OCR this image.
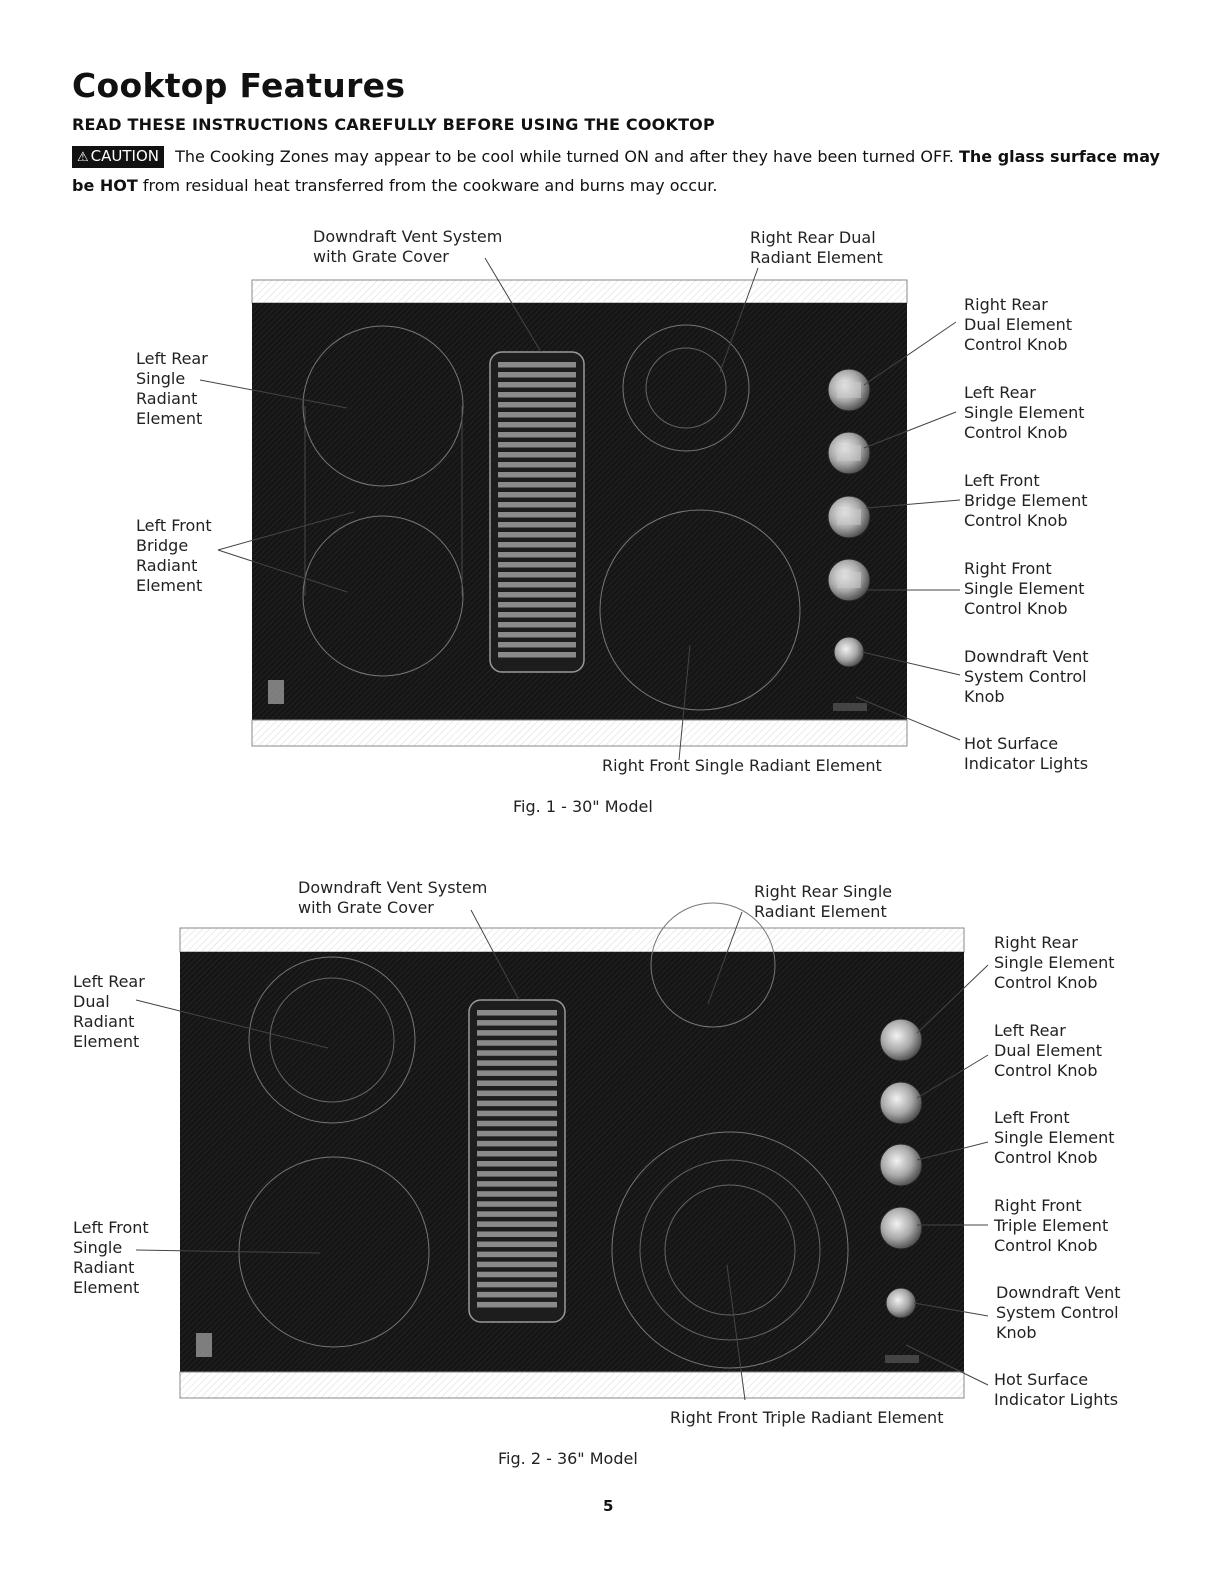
Cooktop Features
READ THESE INSTRUCTIONS CAREFULLY BEFORE USING THE COOKTOP
⚠ CAUTION The Cooking Zones may appear to be cool while turned ON and after they have been turned OFF. The glass surface may be HOT from residual heat transferred from the cookware and burns may occur.
Downdraft Vent System
with Grate Cover
Right Rear Dual
Radiant Element
Left Rear
Single
Radiant
Element
Left Front
Bridge
Radiant
Element
Right Front Single Radiant Element
Right Rear
Dual Element
Control Knob
Left Rear
Single Element
Control Knob
Left Front
Bridge Element
Control Knob
Right Front
Single Element
Control Knob
Downdraft Vent
System Control
Knob
Hot Surface
Indicator Lights
Fig. 1 - 30" Model
Downdraft Vent System
with Grate Cover
Right Rear Single
Radiant Element
Left Rear
Dual
Radiant
Element
Left Front
Single
Radiant
Element
Right Front Triple Radiant Element
Right Rear
Single Element
Control Knob
Left Rear
Dual Element
Control Knob
Left Front
Single Element
Control Knob
Right Front
Triple Element
Control Knob
Downdraft Vent
System Control
Knob
Hot Surface
Indicator Lights
Fig. 2 - 36" Model
5
